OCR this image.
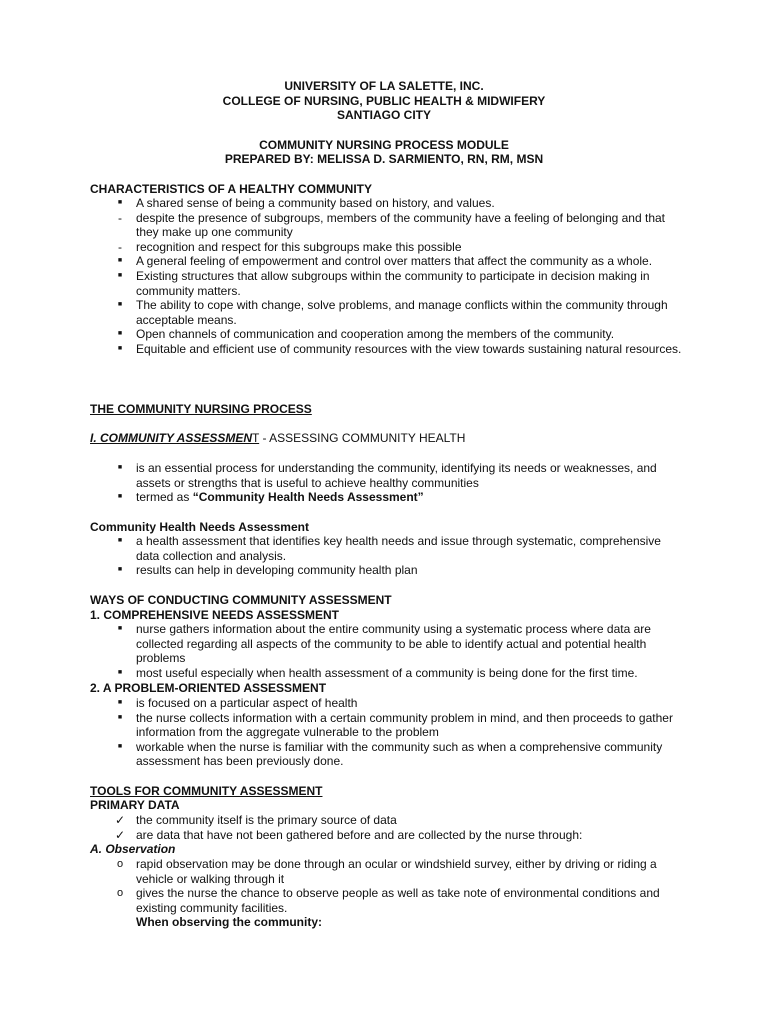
UNIVERSITY OF LA SALETTE, INC.
COLLEGE OF NURSING, PUBLIC HEALTH & MIDWIFERY
SANTIAGO CITY
COMMUNITY NURSING PROCESS MODULE
PREPARED BY: MELISSA D. SARMIENTO, RN, RM, MSN
CHARACTERISTICS OF A HEALTHY COMMUNITY
■
A shared sense of being a community based on history, and values.
-
despite the presence of subgroups, members of the community have a feeling of belonging and that they make up one community
-
recognition and respect for this subgroups make this possible
■
A general feeling of empowerment and control over matters that affect the community as a whole.
■
Existing structures that allow subgroups within the community to participate in decision making in community matters.
■
The ability to cope with change, solve problems, and manage conflicts within the community through acceptable means.
■
Open channels of communication and cooperation among the members of the community.
■
Equitable and efficient use of community resources with the view towards sustaining natural resources.
THE COMMUNITY NURSING PROCESS
I. COMMUNITY ASSESSMENT - ASSESSING COMMUNITY HEALTH
■
is an essential process for understanding the community, identifying its needs or weaknesses, and assets or strengths that is useful to achieve healthy communities
■
termed as “Community Health Needs Assessment”
Community Health Needs Assessment
■
a health assessment that identifies key health needs and issue through systematic, comprehensive data collection and analysis.
■
results can help in developing community health plan
WAYS OF CONDUCTING COMMUNITY ASSESSMENT
1. COMPREHENSIVE NEEDS ASSESSMENT
■
nurse gathers information about the entire community using a systematic process where data are collected regarding all aspects of the community to be able to identify actual and potential health problems
■
most useful especially when health assessment of a community is being done for the first time.
2. A PROBLEM-ORIENTED ASSESSMENT
■
is focused on a particular aspect of health
■
the nurse collects information with a certain community problem in mind, and then proceeds to gather information from the aggregate vulnerable to the problem
■
workable when the nurse is familiar with the community such as when a comprehensive community assessment has been previously done.
TOOLS FOR COMMUNITY ASSESSMENT
PRIMARY DATA
✓
the community itself is the primary source of data
✓
are data that have not been gathered before and are collected by the nurse through:
A. Observation
o
rapid observation may be done through an ocular or windshield survey, either by driving or riding a vehicle or walking through it
o
gives the nurse the chance to observe people as well as take note of environmental conditions and existing community facilities.
When observing the community:
